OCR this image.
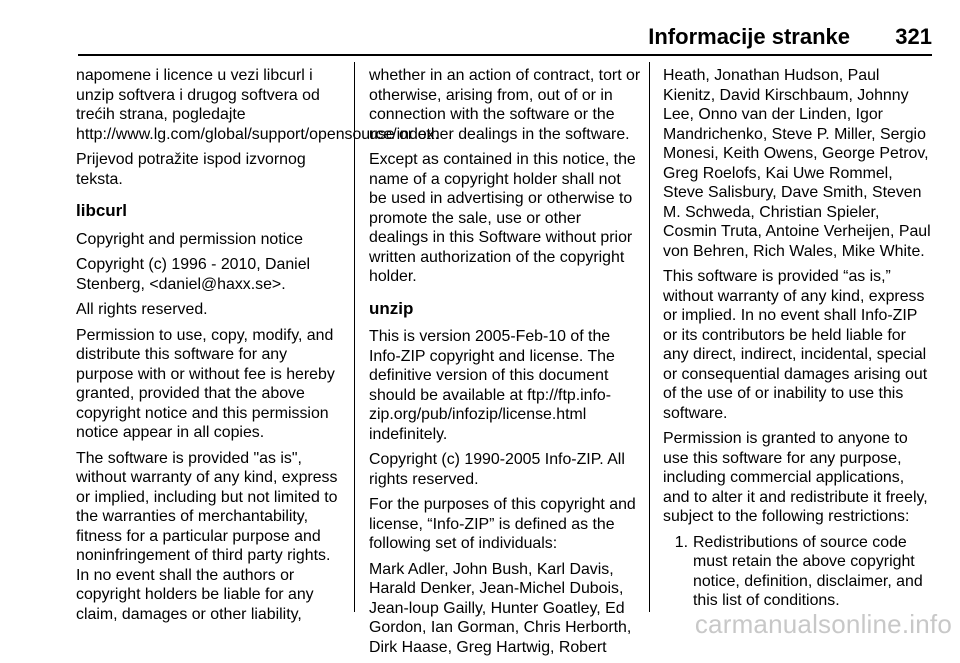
Informacije stranke 321

napomene i licence u vezi libcurl i unzip softvera i drugog softvera od trećih strana, pogledajte http://www.lg.com/global/support/opensource/index.

Prijevod potražite ispod izvornog teksta.

libcurl

Copyright and permission notice

Copyright (c) 1996 - 2010, Daniel Stenberg, <daniel@haxx.se>.

All rights reserved.

Permission to use, copy, modify, and distribute this software for any purpose with or without fee is hereby granted, provided that the above copyright notice and this permission notice appear in all copies.

The software is provided "as is", without warranty of any kind, express or implied, including but not limited to the warranties of merchantability, fitness for a particular purpose and noninfringement of third party rights. In no event shall the authors or copyright holders be liable for any claim, damages or other liability,

whether in an action of contract, tort or otherwise, arising from, out of or in connection with the software or the use or other dealings in the software.

Except as contained in this notice, the name of a copyright holder shall not be used in advertising or otherwise to promote the sale, use or other dealings in this Software without prior written authorization of the copyright holder.

unzip

This is version 2005-Feb-10 of the Info-ZIP copyright and license. The definitive version of this document should be available at ftp://ftp.info-zip.org/pub/infozip/license.html indefinitely.

Copyright (c) 1990-2005 Info-ZIP. All rights reserved.

For the purposes of this copyright and license, “Info-ZIP” is defined as the following set of individuals:

Mark Adler, John Bush, Karl Davis, Harald Denker, Jean-Michel Dubois, Jean-loup Gailly, Hunter Goatley, Ed Gordon, Ian Gorman, Chris Herborth, Dirk Haase, Greg Hartwig, Robert

Heath, Jonathan Hudson, Paul Kienitz, David Kirschbaum, Johnny Lee, Onno van der Linden, Igor Mandrichenko, Steve P. Miller, Sergio Monesi, Keith Owens, George Petrov, Greg Roelofs, Kai Uwe Rommel, Steve Salisbury, Dave Smith, Steven M. Schweda, Christian Spieler, Cosmin Truta, Antoine Verheijen, Paul von Behren, Rich Wales, Mike White.

This software is provided “as is,” without warranty of any kind, express or implied. In no event shall Info-ZIP or its contributors be held liable for any direct, indirect, incidental, special or consequential damages arising out of the use of or inability to use this software.

Permission is granted to anyone to use this software for any purpose, including commercial applications, and to alter it and redistribute it freely, subject to the following restrictions:

1. Redistributions of source code must retain the above copyright notice, definition, disclaimer, and this list of conditions.
carmanualsonline.info
